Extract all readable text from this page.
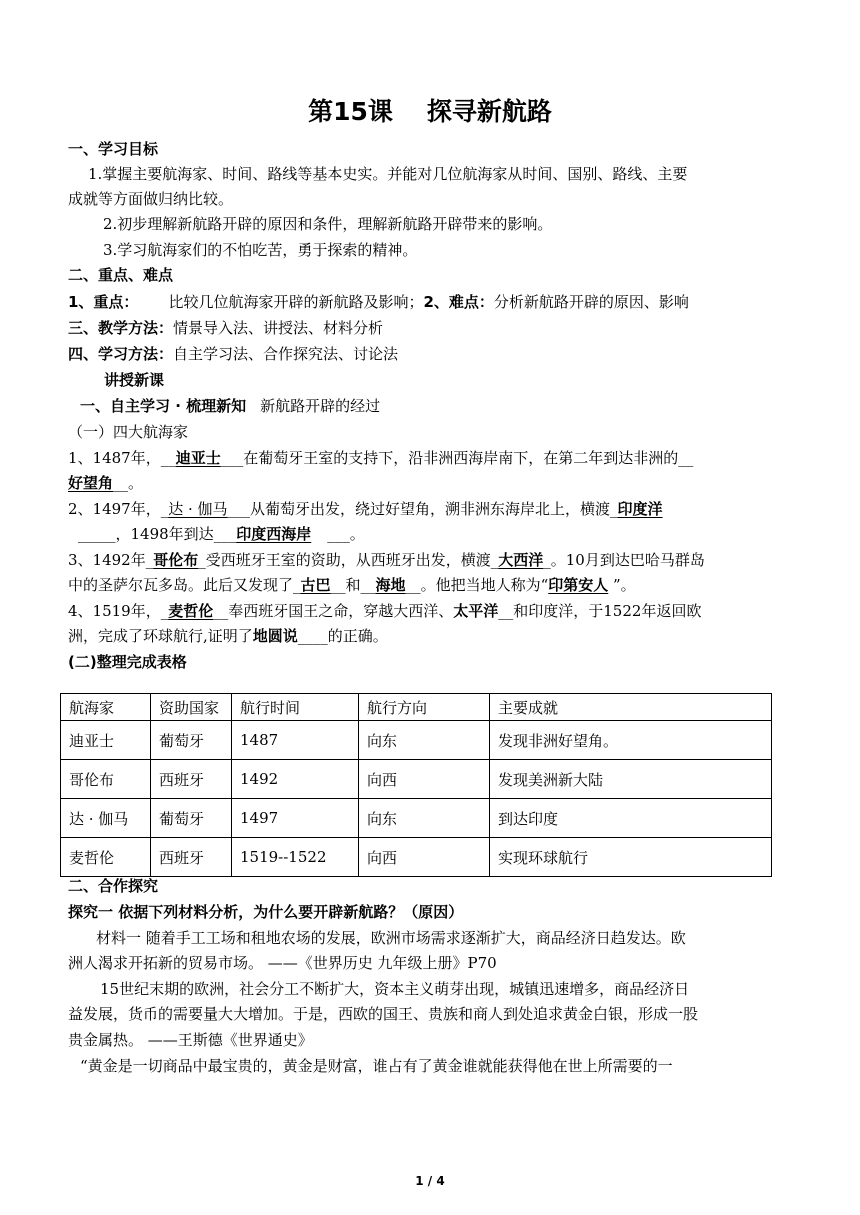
第15课 探寻新航路
一、学习目标
1.掌握主要航海家、时间、路线等基本史实。并能对几位航海家从时间、国别、路线、主要
成就等方面做归纳比较。
2.初步理解新航路开辟的原因和条件，理解新航路开辟带来的影响。
3.学习航海家们的不怕吃苦，勇于探索的精神。
二、重点、难点
1、重点： 比较几位航海家开辟的新航路及影响；2、难点：分析新航路开辟的原因、影响
三、教学方法：情景导入法、讲授法、材料分析
四、学习方法：自主学习法、合作探究法、讨论法
讲授新课
一、自主学习 · 梳理新知 新航路开辟的经过
（一）四大航海家
1、1487年，__迪亚士___在葡萄牙王室的支持下，沿非洲西海岸南下，在第二年到达非洲的__
好望角__。
2、1497年，_达 · 伽马___从葡萄牙出发，绕过好望角，溯非洲东海岸北上，横渡_印度洋
_____，1498年到达___印度西海岸 ___。
3、1492年_哥伦布_受西班牙王室的资助，从西班牙出发，横渡_大西洋_。10月到达巴哈马群岛
中的圣萨尔瓦多岛。此后又发现了_古巴__和__海地__。他把当地人称为“印第安人 ”。
4、1519年，_麦哲伦__奉西班牙国王之命，穿越大西洋、太平洋__和印度洋，于1522年返回欧
洲，完成了环球航行,证明了地圆说____的正确。
(二)整理完成表格
航海家	资助国家	航行时间	航行方向	主要成就
迪亚士	葡萄牙	1487	向东	发现非洲好望角。
哥伦布	西班牙	1492	向西	发现美洲新大陆
达 · 伽马	葡萄牙	1497	向东	到达印度
麦哲伦	西班牙	1519--1522	向西	实现环球航行
二、合作探究
探究一 依据下列材料分析，为什么要开辟新航路？（原因）
材料一 随着手工工场和租地农场的发展，欧洲市场需求逐渐扩大，商品经济日趋发达。欧
洲人渴求开拓新的贸易市场。 ——《世界历史 九年级上册》P70
15世纪末期的欧洲，社会分工不断扩大，资本主义萌芽出现，城镇迅速增多，商品经济日
益发展，货币的需要量大大增加。于是，西欧的国王、贵族和商人到处追求黄金白银，形成一股
贵金属热。 ——王斯德《世界通史》
“黄金是一切商品中最宝贵的，黄金是财富，谁占有了黄金谁就能获得他在世上所需要的一
1 / 4
